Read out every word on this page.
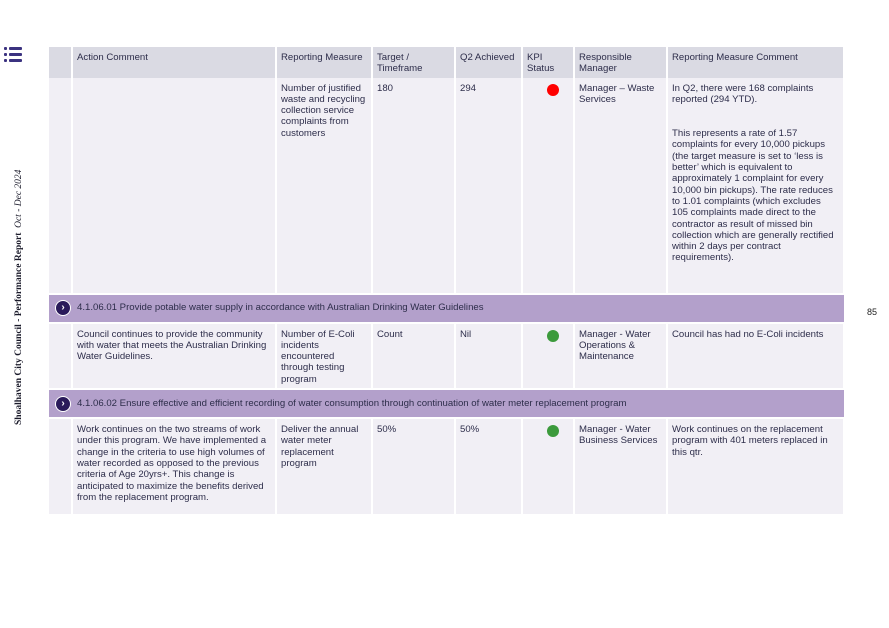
Shoalhaven City Council - Performance Report  Oct - Dec 2024
85
	Action Comment	Reporting Measure	Target / Timeframe	Q2 Achieved	KPI Status	Responsible Manager	Reporting Measure Comment
		Number of justified waste and recycling collection service complaints from customers	180	294		Manager – Waste Services	In Q2, there were 168 complaints reported (294 YTD).
This represents a rate of 1.57 complaints for every 10,000 pickups (the target measure is set to ‘less is better’ which is equivalent to approximately 1 complaint for every 10,000 bin pickups). The rate reduces to 1.01 complaints (which excludes 105 complaints made direct to the contractor as result of missed bin collection which are generally rectified within 2 days per contract requirements).

› 4.1.06.01 Provide potable water supply in accordance with Australian Drinking Water Guidelines							

	Council continues to provide the community with water that meets the Australian Drinking Water Guidelines.	Number of E-Coli incidents encountered through testing program	Count	Nil		Manager - Water Operations & Maintenance	Council has had no E-Coli incidents

› 4.1.06.02 Ensure effective and efficient recording of water consumption through continuation of water meter replacement program							

	Work continues on the two streams of work under this program. We have implemented a change in the criteria to use high volumes of water recorded as opposed to the previous criteria of Age 20yrs+. This change is anticipated to maximize the benefits derived from the replacement program.	Deliver the annual water meter replacement program	50%	50%		Manager - Water Business Services	Work continues on the replacement program with 401 meters replaced in this qtr.
